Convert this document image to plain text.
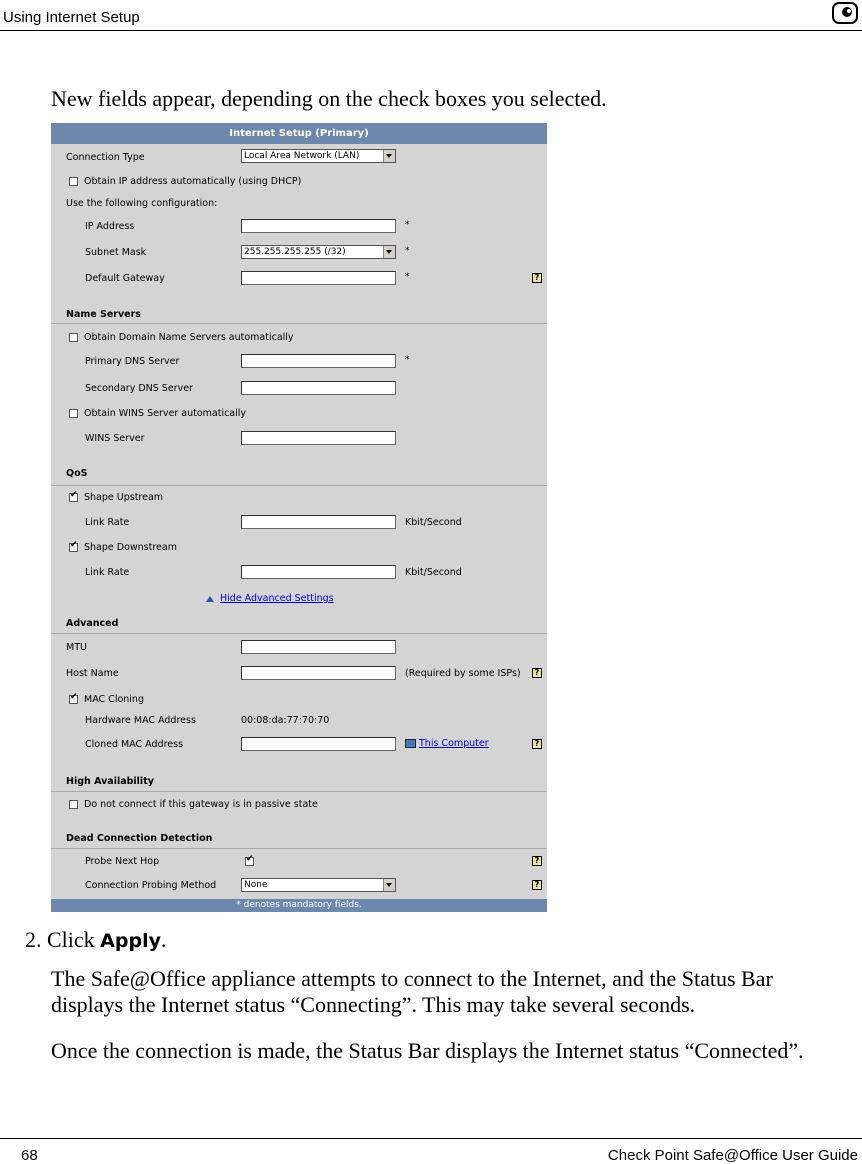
Using Internet Setup
New fields appear, depending on the check boxes you selected.
Internet Setup (Primary)
Connection Type	Local Area Network (LAN)
Obtain IP address automatically (using DHCP)
Use the following configuration:
IP Address	*
Subnet Mask	255.255.255.255 (/32)	*
Default Gateway	*	?
Name Servers
Obtain Domain Name Servers automatically
Primary DNS Server	*
Secondary DNS Server
Obtain WINS Server automatically
WINS Server
QoS
✔
Shape Upstream
Link Rate	Kbit/Second
✔
Shape Downstream
Link Rate	Kbit/Second
Hide Advanced Settings
Advanced
MTU
Host Name	(Required by some ISPs)	?
✔
MAC Cloning
Hardware MAC Address	00:08:da:77:70:70
Cloned MAC Address	This Computer	?
High Availability
Do not connect if this gateway is in passive state
Dead Connection Detection
Probe Next Hop
✔	?
Connection Probing Method	None	?
* denotes mandatory fields.
2. Click Apply.
The Safe@Office appliance attempts to connect to the Internet, and the Status Bar displays the Internet status “Connecting”. This may take several seconds.
Once the connection is made, the Status Bar displays the Internet status “Connected”.
68	Check Point Safe@Office User Guide
